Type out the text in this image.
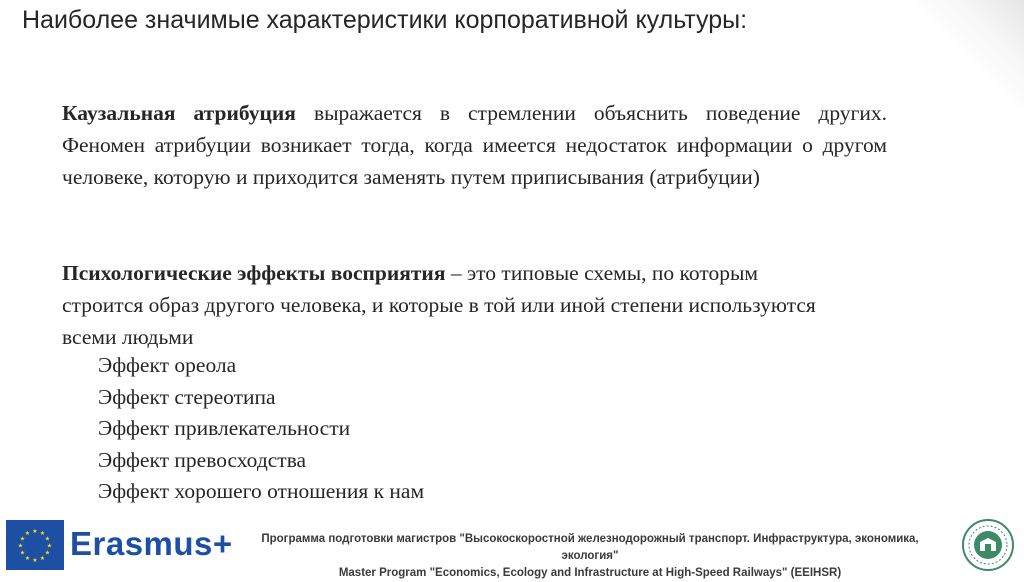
Наиболее значимые характеристики корпоративной культуры:
Каузальная атрибуция выражается в стремлении объяснить поведение других. Феномен атрибуции возникает тогда, когда имеется недостаток информации о другом человеке, которую и приходится заменять путем приписывания (атрибуции)
Психологические эффекты восприятия – это типовые схемы, по которым строится образ другого человека, и которые в той или иной степени используются всеми людьми
Эффект ореола
Эффект стереотипа
Эффект привлекательности
Эффект превосходства
Эффект хорошего отношения к нам
★ ★
★
★
★
★
★
★
★
★
★
★ Erasmus+	Программа подготовки магистров "Высокоскоростной железнодорожный транспорт. Инфраструктура, экономика, экология"
Master Program "Economics, Ecology and Infrastructure at High-Speed Railways" (EEIHSR)
